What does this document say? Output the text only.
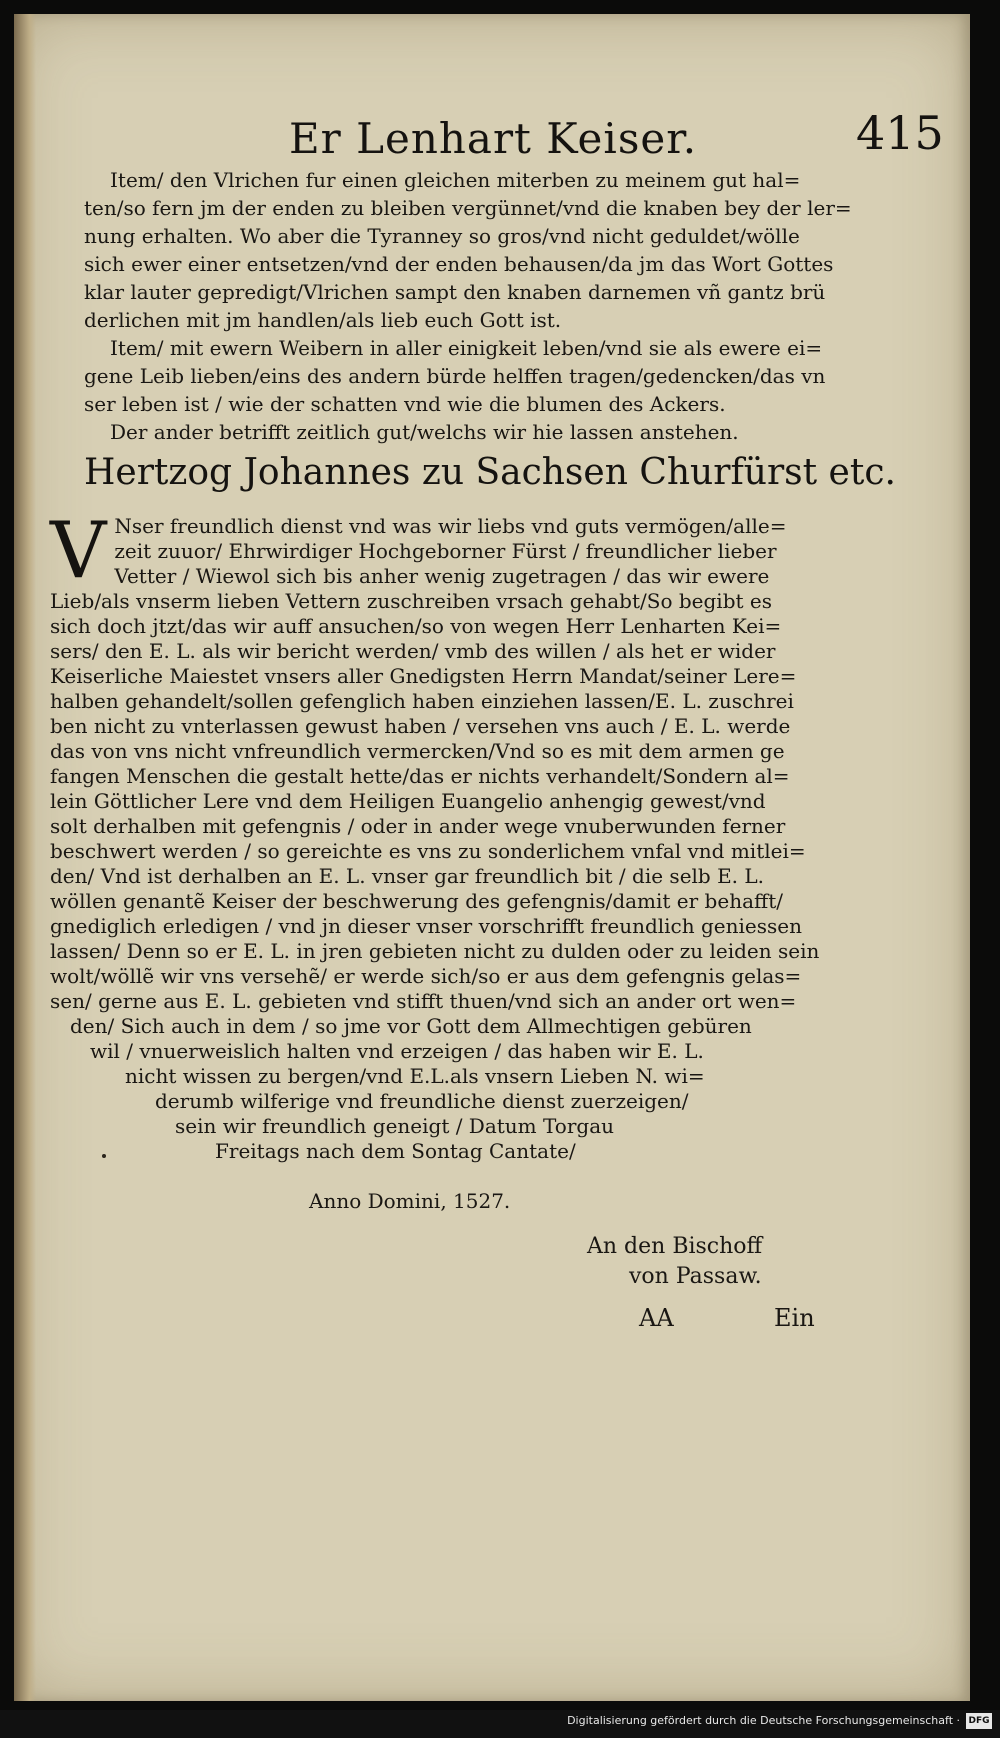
Er Lenhart Keiser.	415
Item/ den Vlrichen fur einen gleichen miterben zu meinem gut hal=
ten/so fern jm der enden zu bleiben vergünnet/vnd die knaben bey der ler=
nung erhalten. Wo aber die Tyranney so gros/vnd nicht geduldet/wölle
sich ewer einer entsetzen/vnd der enden behausen/da jm das Wort Gottes
klar lauter gepredigt/Vlrichen sampt den knaben darnemen vñ gantz brü
derlichen mit jm handlen/als lieb euch Gott ist.
Item/ mit ewern Weibern in aller einigkeit leben/vnd sie als ewere ei=
gene Leib lieben/eins des andern bürde helffen tragen/gedencken/das vn
ser leben ist / wie der schatten vnd wie die blumen des Ackers.
Der ander betrifft zeitlich gut/welchs wir hie lassen anstehen.
Hertzog Johannes zu Sachsen Churfürst etc.
V Nser freundlich dienst vnd was wir liebs vnd guts vermögen/alle=
zeit zuuor/ Ehrwirdiger Hochgeborner Fürst / freundlicher lieber
Vetter / Wiewol sich bis anher wenig zugetragen / das wir ewere
Lieb/als vnserm lieben Vettern zuschreiben vrsach gehabt/So begibt es
sich doch jtzt/das wir auff ansuchen/so von wegen Herr Lenharten Kei=
sers/ den E. L. als wir bericht werden/ vmb des willen / als het er wider
Keiserliche Maiestet vnsers aller Gnedigsten Herrn Mandat/seiner Lere=
halben gehandelt/sollen gefenglich haben einziehen lassen/E. L. zuschrei
ben nicht zu vnterlassen gewust haben / versehen vns auch / E. L. werde
das von vns nicht vnfreundlich vermercken/Vnd so es mit dem armen ge
fangen Menschen die gestalt hette/das er nichts verhandelt/Sondern al=
lein Göttlicher Lere vnd dem Heiligen Euangelio anhengig gewest/vnd
solt derhalben mit gefengnis / oder in ander wege vnuberwunden ferner
beschwert werden / so gereichte es vns zu sonderlichem vnfal vnd mitlei=
den/ Vnd ist derhalben an E. L. vnser gar freundlich bit / die selb E. L.
wöllen genantẽ Keiser der beschwerung des gefengnis/damit er behafft/
gnediglich erledigen / vnd jn dieser vnser vorschrifft freundlich geniessen
lassen/ Denn so er E. L. in jren gebieten nicht zu dulden oder zu leiden sein
wolt/wöllẽ wir vns versehẽ/ er werde sich/so er aus dem gefengnis gelas=
sen/ gerne aus E. L. gebieten vnd stifft thuen/vnd sich an ander ort wen=
den/ Sich auch in dem / so jme vor Gott dem Allmechtigen gebüren
wil / vnuerweislich halten vnd erzeigen / das haben wir E. L.
nicht wissen zu bergen/vnd E.L.als vnsern Lieben N. wi=
derumb wilferige vnd freundliche dienst zuerzeigen/
sein wir freundlich geneigt / Datum Torgau
Freitags nach dem Sontag Cantate/
Anno Domini, 1527.
An den Bischoff
von Passaw.
AA	Ein
Digitalisierung gefördert durch die Deutsche Forschungsgemeinschaft · DFG
